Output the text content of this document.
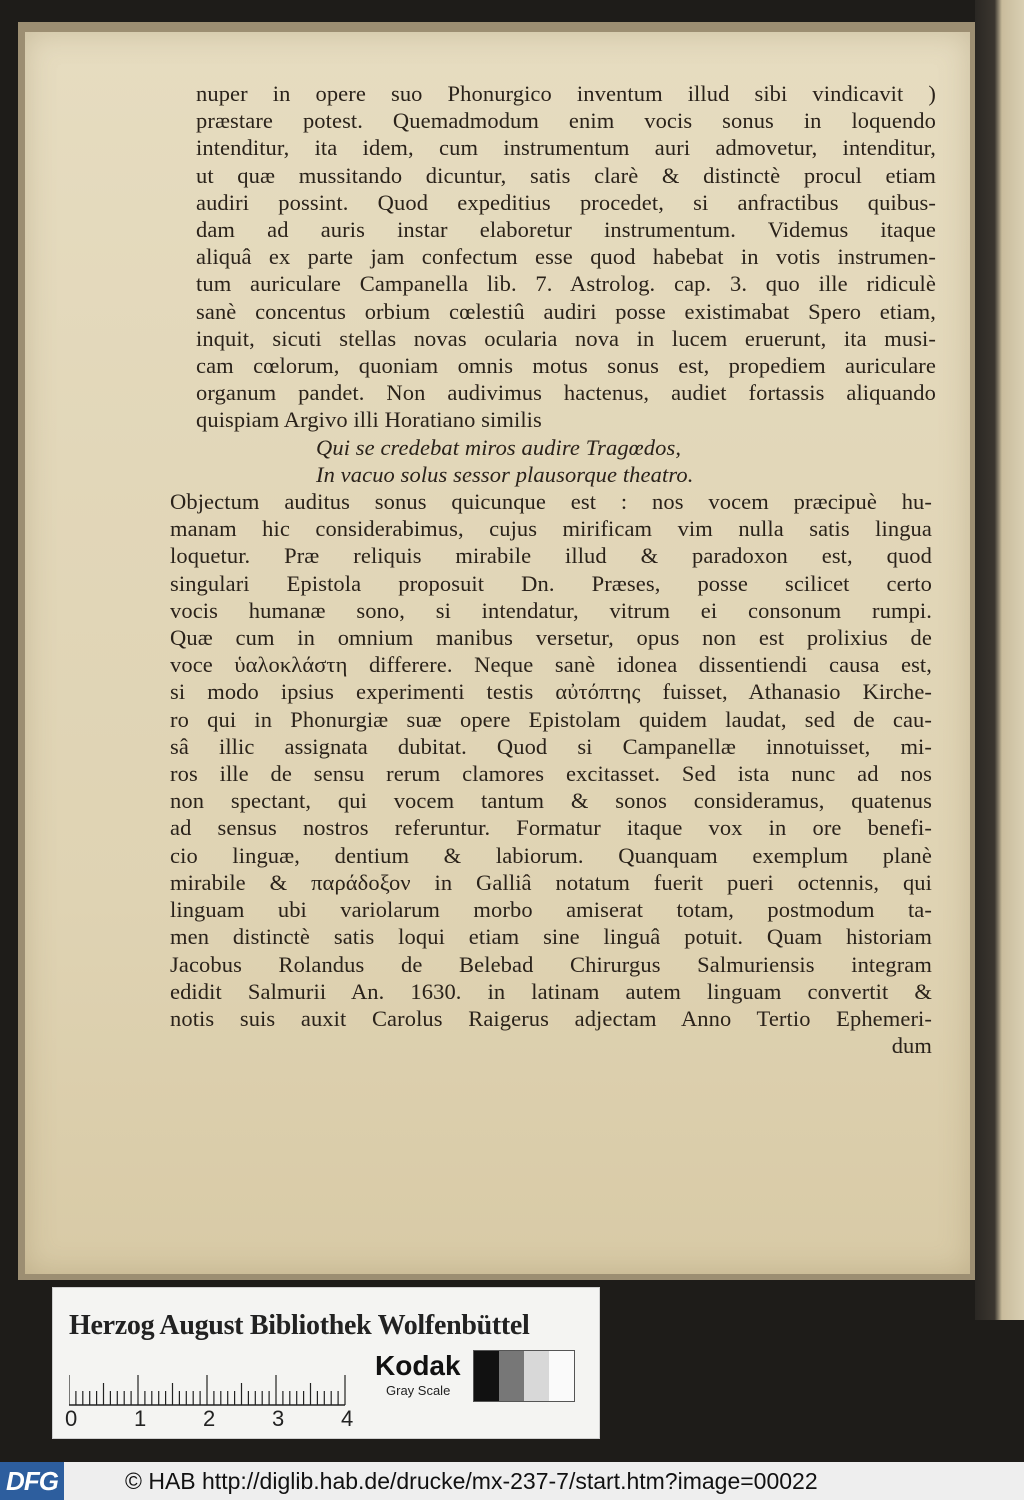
nuper in opere suo Phonurgico inventum illud sibi vindicavit )
præstare potest. Quemadmodum enim vocis sonus in loquendo
intenditur, ita idem, cum instrumentum auri admovetur, intenditur,
ut quæ mussitando dicuntur, satis clarè & distinctè procul etiam
audiri possint. Quod expeditius procedet, si anfractibus quibus-
dam ad auris instar elaboretur instrumentum. Videmus itaque
aliquâ ex parte jam confectum esse quod habebat in votis instrumen-
tum auriculare Campanella lib. 7. Astrolog. cap. 3. quo ille ridiculè
sanè concentus orbium cœlestiû audiri posse existimabat Spero etiam,
inquit, sicuti stellas novas ocularia nova in lucem eruerunt, ita musi-
cam cœlorum, quoniam omnis motus sonus est, propediem auriculare
organum pandet. Non audivimus hactenus, audiet fortassis aliquando
quispiam Argivo illi Horatiano similis
Qui se credebat miros audire Tragœdos,
In vacuo solus sessor plausorque theatro.
Objectum auditus sonus quicunque est : nos vocem præcipuè hu-
manam hic considerabimus, cujus mirificam vim nulla satis lingua
loquetur. Præ reliquis mirabile illud & paradoxon est, quod
singulari Epistola proposuit Dn. Præses, posse scilicet certo
vocis humanæ sono, si intendatur, vitrum ei consonum rumpi.
Quæ cum in omnium manibus versetur, opus non est prolixius de
voce ὑαλοκλάστη differere. Neque sanè idonea dissentiendi causa est,
si modo ipsius experimenti testis αὐτόπτης fuisset, Athanasio Kirche-
ro qui in Phonurgiæ suæ opere Epistolam quidem laudat, sed de cau-
sâ illic assignata dubitat. Quod si Campanellæ innotuisset, mi-
ros ille de sensu rerum clamores excitasset. Sed ista nunc ad nos
non spectant, qui vocem tantum & sonos consideramus, quatenus
ad sensus nostros referuntur. Formatur itaque vox in ore benefi-
cio linguæ, dentium & labiorum. Quanquam exemplum planè
mirabile & παράδοξον in Galliâ notatum fuerit pueri octennis, qui
linguam ubi variolarum morbo amiserat totam, postmodum ta-
men distinctè satis loqui etiam sine linguâ potuit. Quam historiam
Jacobus Rolandus de Belebad Chirurgus Salmuriensis integram
edidit Salmurii An. 1630. in latinam autem linguam convertit &
notis suis auxit Carolus Raigerus adjectam Anno Tertio Ephemeri-
dum
Herzog August Bibliothek Wolfenbüttel
0	1	2	3	4
Kodak
Gray Scale
DFG	© HAB http://diglib.hab.de/drucke/mx-237-7/start.htm?image=00022
